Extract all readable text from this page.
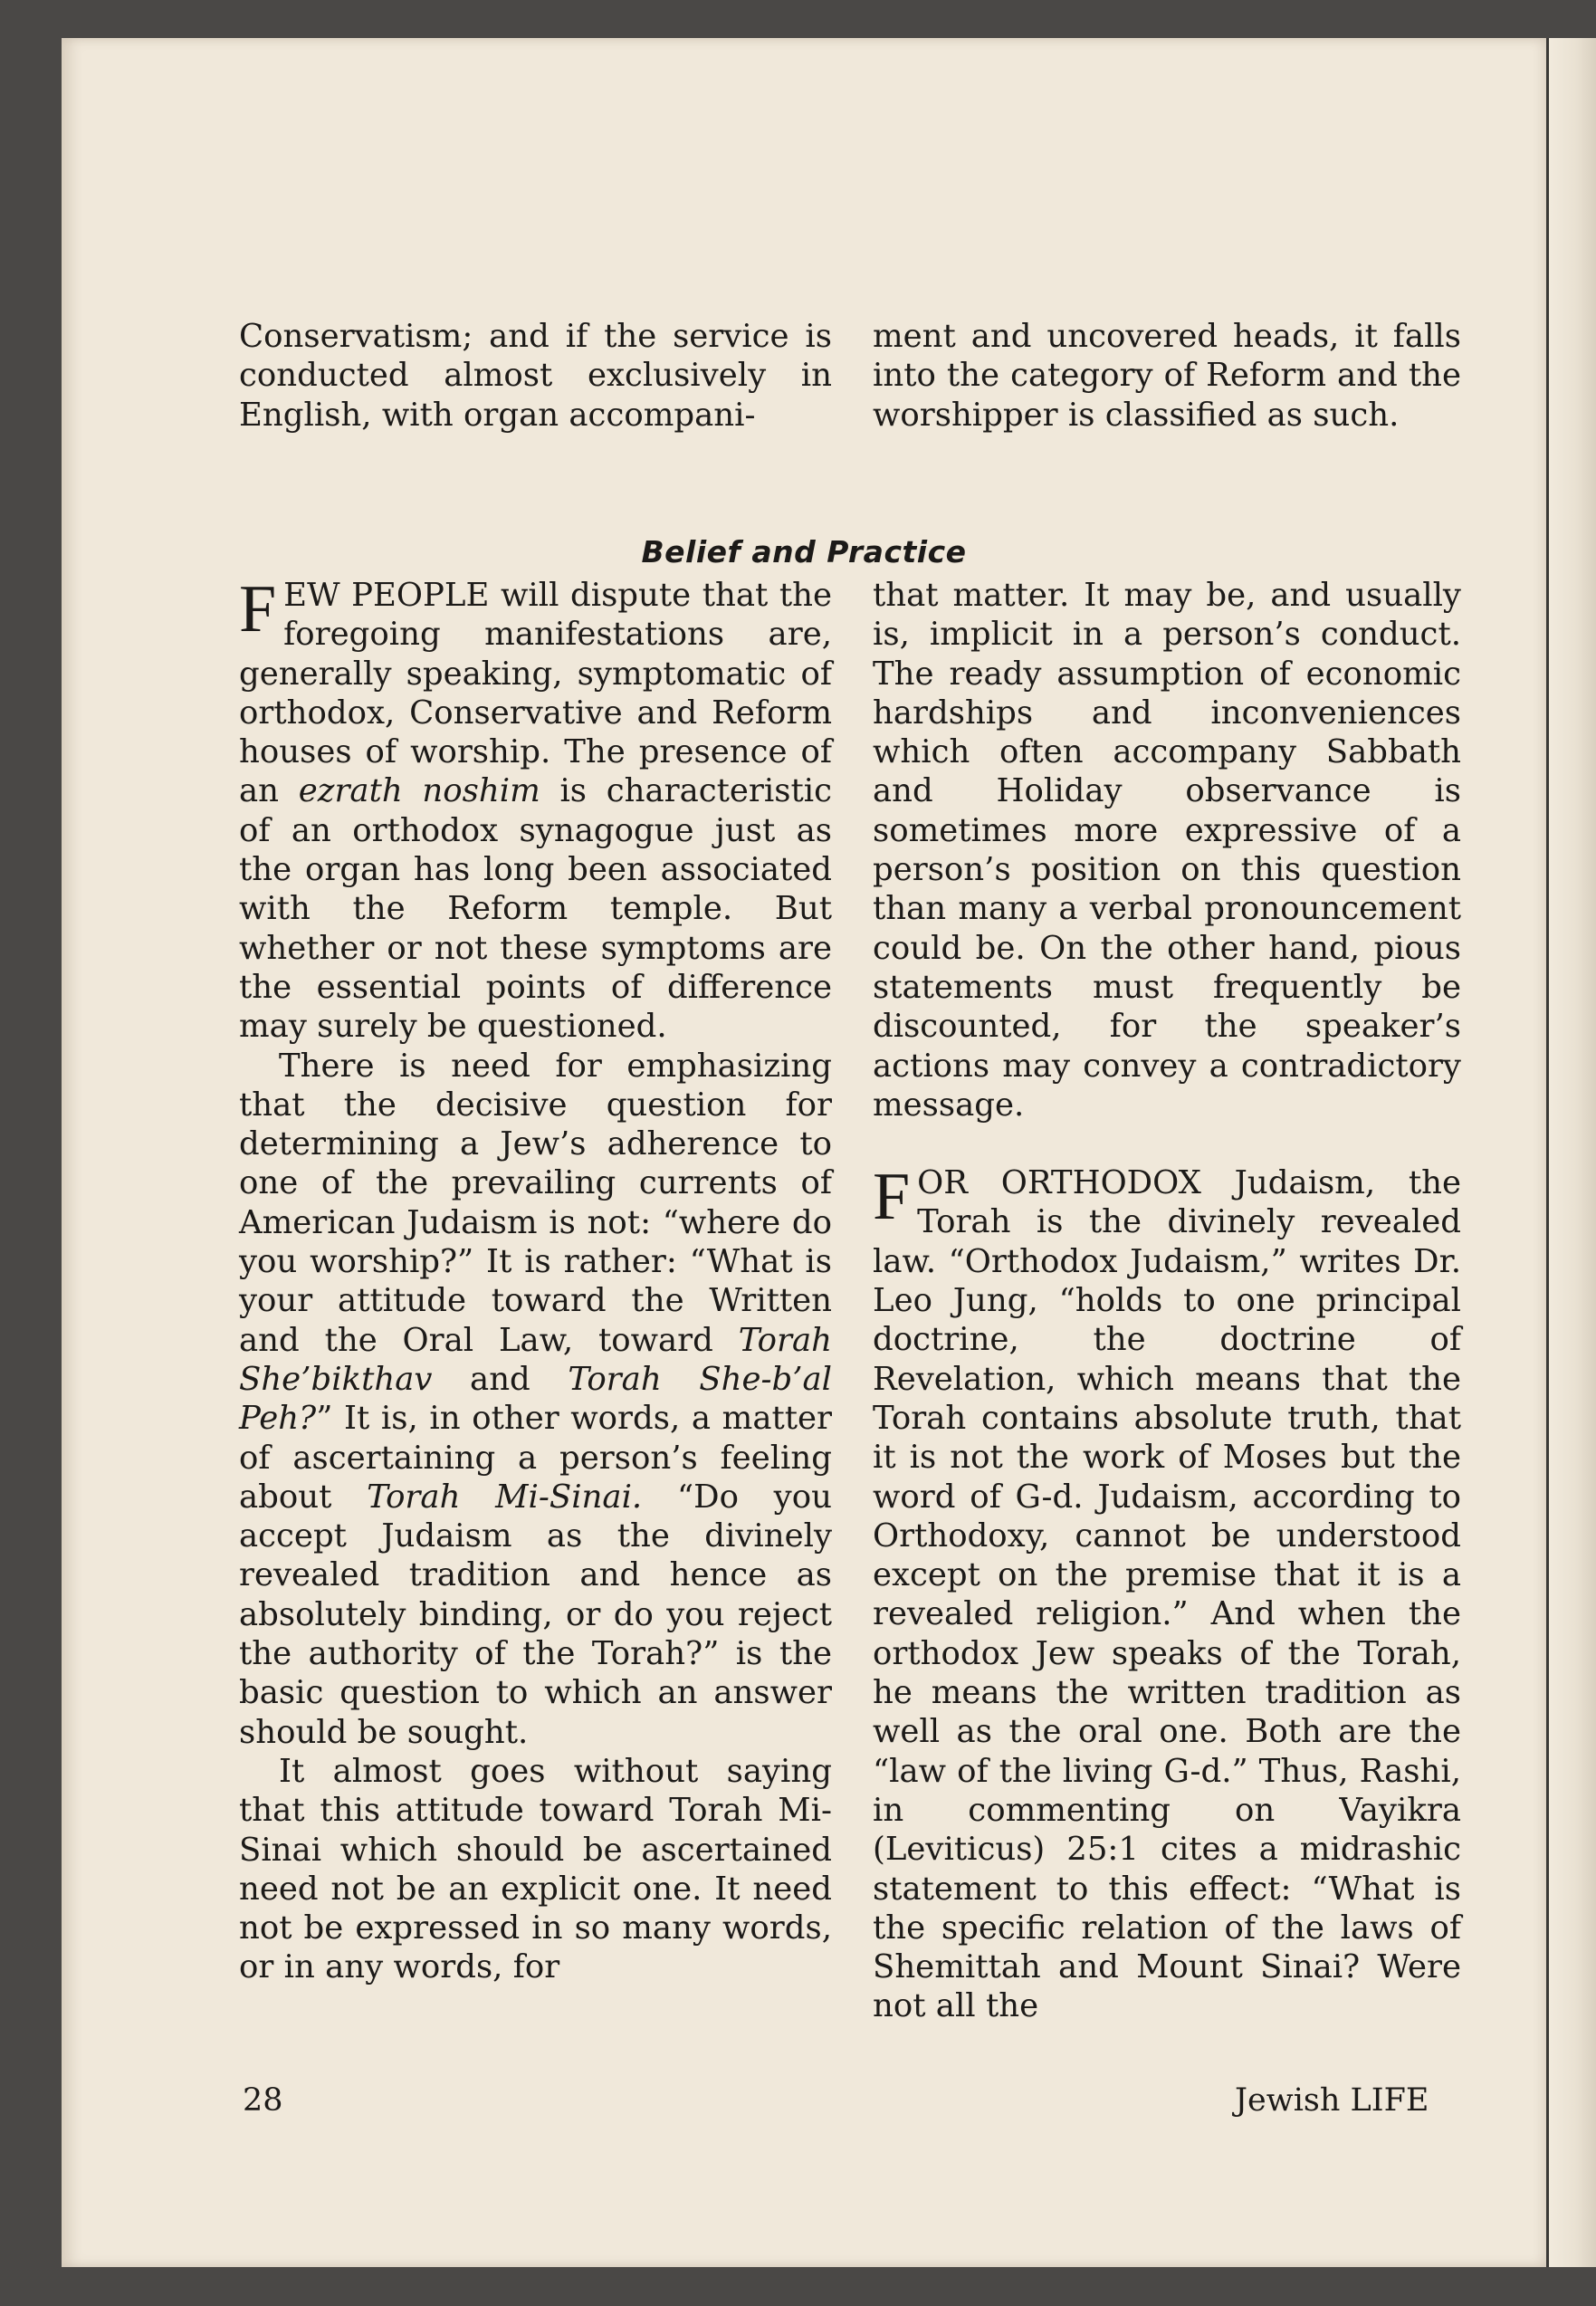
Conservatism; and if the service is conducted almost exclusively in English, with organ accompani-

ment and uncovered heads, it falls into the category of Reform and the worshipper is classified as such.

Belief and Practice

FEW PEOPLE will dispute that the foregoing manifestations are, generally speaking, symptomatic of orthodox, Conservative and Reform houses of worship. The presence of an ezrath noshim is characteristic of an orthodox synagogue just as the organ has long been associated with the Reform temple. But whether or not these symptoms are the essential points of difference may surely be questioned.

There is need for emphasizing that the decisive question for determining a Jew’s adherence to one of the prevailing currents of American Judaism is not: “where do you worship?” It is rather: “What is your attitude toward the Written and the Oral Law, toward Torah She’bikthav and Torah She-b’al Peh?” It is, in other words, a matter of ascertaining a person’s feeling about Torah Mi-Sinai. “Do you accept Judaism as the divinely revealed tradition and hence as absolutely binding, or do you reject the authority of the Torah?” is the basic question to which an answer should be sought.

It almost goes without saying that this attitude toward Torah Mi-Sinai which should be ascertained need not be an explicit one. It need not be expressed in so many words, or in any words, for

that matter. It may be, and usually is, implicit in a person’s conduct. The ready assumption of economic hardships and inconveniences which often accompany Sabbath and Holiday observance is sometimes more expressive of a person’s position on this question than many a verbal pronouncement could be. On the other hand, pious statements must frequently be discounted, for the speaker’s actions may convey a contradictory message.

FOR ORTHODOX Judaism, the Torah is the divinely revealed law. “Orthodox Judaism,” writes Dr. Leo Jung, “holds to one principal doctrine, the doctrine of Revelation, which means that the Torah contains absolute truth, that it is not the work of Moses but the word of G-d. Judaism, according to Orthodoxy, cannot be understood except on the premise that it is a revealed religion.” And when the orthodox Jew speaks of the Torah, he means the written tradition as well as the oral one. Both are the “law of the living G-d.” Thus, Rashi, in commenting on Vayikra (Leviticus) 25:1 cites a midrashic statement to this effect: “What is the specific relation of the laws of Shemittah and Mount Sinai? Were not all the

28	Jewish LIFE
